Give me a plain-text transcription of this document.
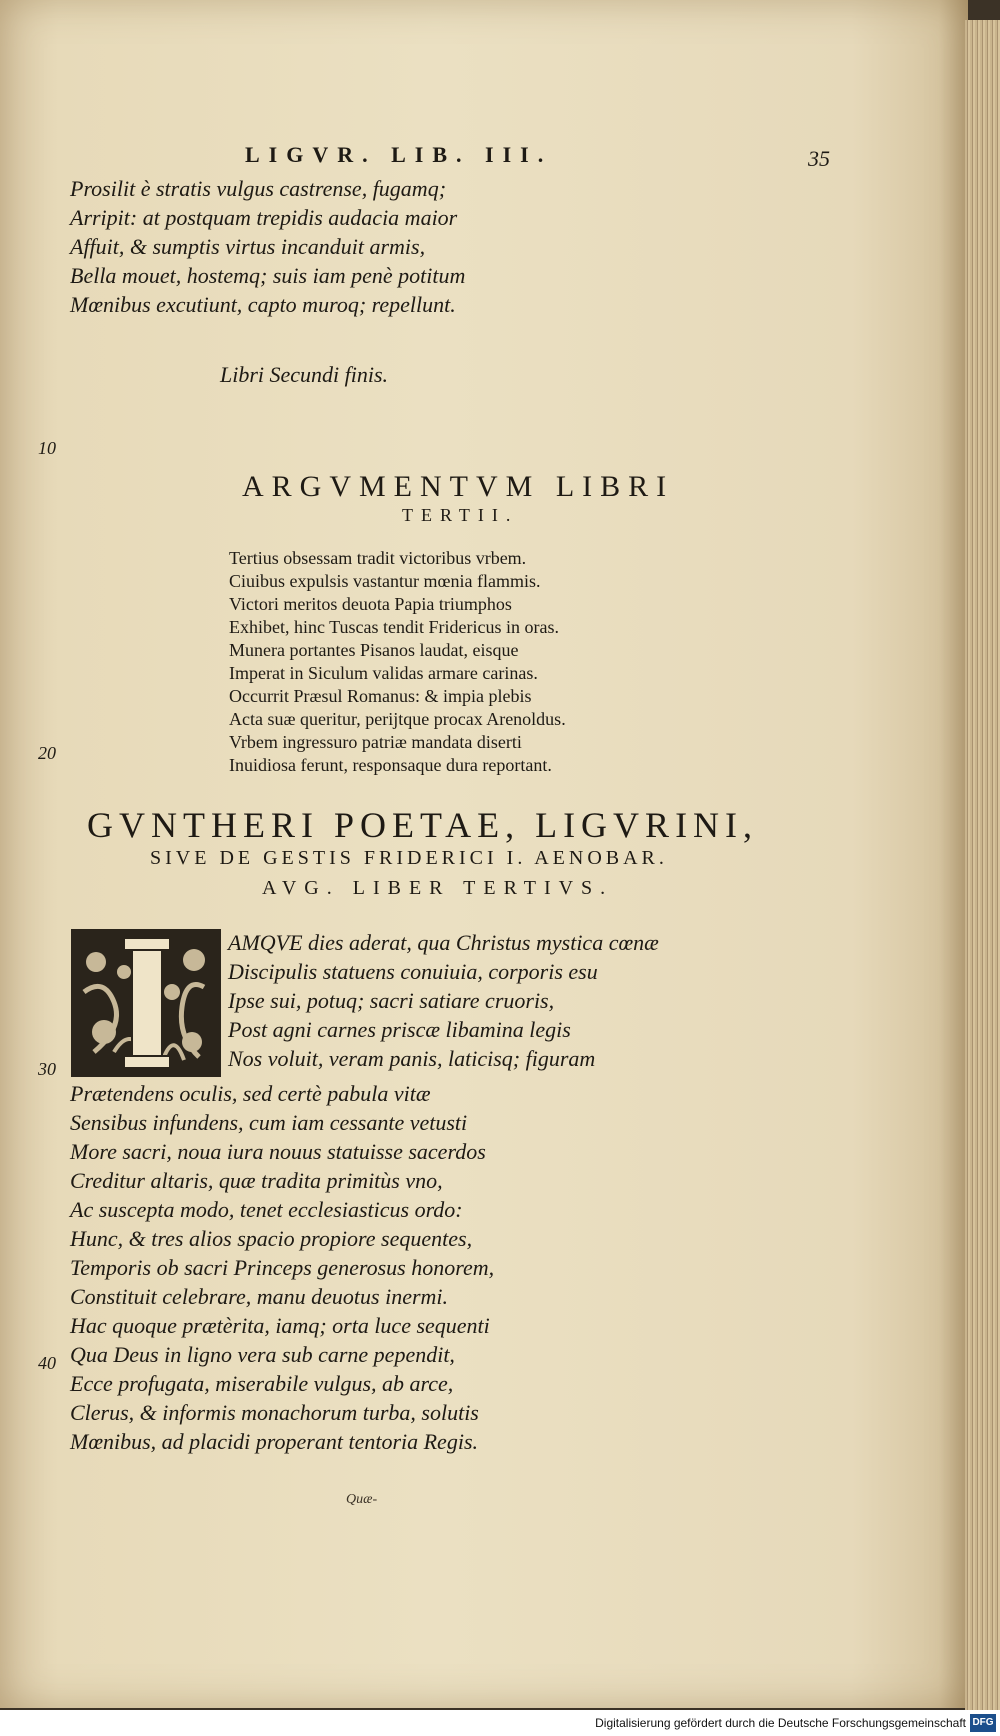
LIGVR. LIB. III.	35
Prosilit è stratis vulgus castrense, fugamq;
Arripit: at postquam trepidis audacia maior
Affuit, & sumptis virtus incanduit armis,
Bella mouet, hostemq; suis iam penè potitum
Mœnibus excutiunt, capto muroq; repellunt.
Libri Secundi finis.
10
20
30
40
ARGVMENTVM LIBRI
TERTII.
Tertius obsessam tradit victoribus vrbem.
Ciuibus expulsis vastantur mœnia flammis.
Victori meritos deuota Papia triumphos
Exhibet, hinc Tuscas tendit Fridericus in oras.
Munera portantes Pisanos laudat, eisque
Imperat in Siculum validas armare carinas.
Occurrit Præsul Romanus: & impia plebis
Acta suæ queritur, perijtque procax Arenoldus.
Vrbem ingressuro patriæ mandata diserti
Inuidiosa ferunt, responsaque dura reportant.
GVNTHERI POETAE, LIGVRINI,
SIVE DE GESTIS FRIDERICI I. AENOBAR.
AVG. LIBER TERTIVS.
AMQVE dies aderat, qua Christus mystica cœnæ
Discipulis statuens conuiuia, corporis esu
Ipse sui, potuq; sacri satiare cruoris,
Post agni carnes priscæ libamina legis
Nos voluit, veram panis, laticisq; figuram
Prætendens oculis, sed certè pabula vitæ
Sensibus infundens, cum iam cessante vetusti
More sacri, noua iura nouus statuisse sacerdos
Creditur altaris, quæ tradita primitùs vno,
Ac suscepta modo, tenet ecclesiasticus ordo:
Hunc, & tres alios spacio propiore sequentes,
Temporis ob sacri Princeps generosus honorem,
Constituit celebrare, manu deuotus inermi.
Hac quoque prætèrita, iamq; orta luce sequenti
Qua Deus in ligno vera sub carne pependit,
Ecce profugata, miserabile vulgus, ab arce,
Clerus, & informis monachorum turba, solutis
Mœnibus, ad placidi properant tentoria Regis.
Quæ-
Digitalisierung gefördert durch die Deutsche Forschungsgemeinschaft DFG
